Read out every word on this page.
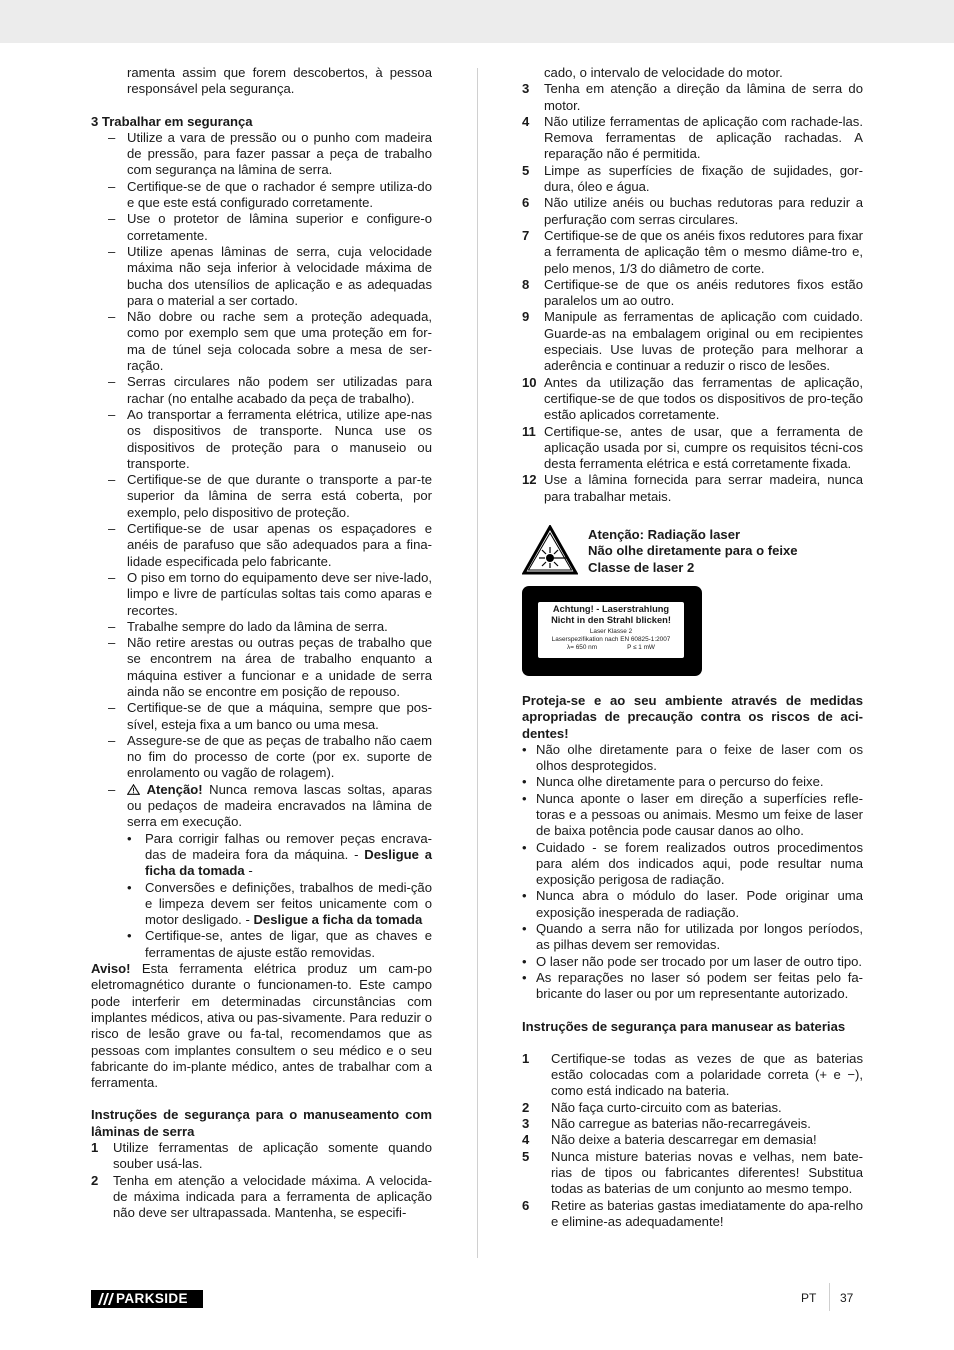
ramenta assim que forem descobertos, à pessoa responsável pela segurança.

3 Trabalhar em segurança

– Utilize a vara de pressão ou o punho com madeira de pressão, para fazer passar a peça de trabalho com segurança na lâmina de serra.
– Certifique-se de que o rachador é sempre utiliza-do e que este está configurado corretamente.
– Use o protetor de lâmina superior e configure-o corretamente.
– Utilize apenas lâminas de serra, cuja velocidade máxima não seja inferior à velocidade máxima de bucha dos utensílios de aplicação e as adequadas para o material a ser cortado.
– Não dobre ou rache sem a proteção adequada, como por exemplo sem que uma proteção em for-ma de túnel seja colocada sobre a mesa de ser-ração.
– Serras circulares não podem ser utilizadas para rachar (no entalhe acabado da peça de trabalho).
– Ao transportar a ferramenta elétrica, utilize ape-nas os dispositivos de transporte. Nunca use os dispositivos de proteção para o manuseio ou transporte.
– Certifique-se de que durante o transporte a par-te superior da lâmina de serra está coberta, por exemplo, pelo dispositivo de proteção.
– Certifique-se de usar apenas os espaçadores e anéis de parafuso que são adequados para a fina-lidade especificada pelo fabricante.
– O piso em torno do equipamento deve ser nive-lado, limpo e livre de partículas soltas tais como aparas e recortes.
– Trabalhe sempre do lado da lâmina de serra.
– Não retire arestas ou outras peças de trabalho que se encontrem na área de trabalho enquanto a máquina estiver a funcionar e a unidade de serra ainda não se encontre em posição de repouso.
– Certifique-se de que a máquina, sempre que pos-sível, esteja fixa a um banco ou uma mesa.
– Assegure-se de que as peças de trabalho não caem no fim do processo de corte (por ex. suporte de enrolamento ou vagão de rolagem).
– Atenção! Nunca remova lascas soltas, aparas ou pedaços de madeira encravados na lâmina de serra em execução.
• Para corrigir falhas ou remover peças encrava-das de madeira fora da máquina. - Desligue a ficha da tomada -
• Conversões e definições, trabalhos de medi-ção e limpeza devem ser feitos unicamente com o motor desligado. - Desligue a ficha da tomada
• Certifique-se, antes de ligar, que as chaves e ferramentas de ajuste estão removidas.

Aviso! Esta ferramenta elétrica produz um cam-po eletromagnético durante o funcionamen-to. Este campo pode interferir em determinadas circunstâncias com implantes médicos, ativa ou pas-sivamente. Para reduzir o risco de lesão grave ou fa-tal, recomendamos que as pessoas com implantes consultem o seu médico e o seu fabricante do im-plante médico, antes de trabalhar com a ferramenta.

Instruções de segurança para o manuseamento com lâminas de serra

1 Utilize ferramentas de aplicação somente quando souber usá-las.
2 Tenha em atenção a velocidade máxima. A velocida-de máxima indicada para a ferramenta de aplicação não deve ser ultrapassada. Mantenha, se especifi-

cado, o intervalo de velocidade do motor.

3 Tenha em atenção a direção da lâmina de serra do motor.
4 Não utilize ferramentas de aplicação com rachade-las. Remova ferramentas de aplicação rachadas. A reparação não é permitida.
5 Limpe as superfícies de fixação de sujidades, gor-dura, óleo e água.
6 Não utilize anéis ou buchas redutoras para reduzir a perfuração com serras circulares.
7 Certifique-se de que os anéis fixos redutores para fixar a ferramenta de aplicação têm o mesmo diâme-tro e, pelo menos, 1/3 do diâmetro de corte.
8 Certifique-se de que os anéis redutores fixos estão paralelos um ao outro.
9 Manipule as ferramentas de aplicação com cuidado. Guarde-as na embalagem original ou em recipientes especiais. Use luvas de proteção para melhorar a aderência e continuar a reduzir o risco de lesões.
10 Antes da utilização das ferramentas de aplicação, certifique-se de que todos os dispositivos de pro-teção estão aplicados corretamente.
11 Certifique-se, antes de usar, que a ferramenta de aplicação usada por si, cumpre os requisitos técni-cos desta ferramenta elétrica e está corretamente fixada.
12 Use a lâmina fornecida para serrar madeira, nunca para trabalhar metais.
Atenção: Radiação laser
Não olhe diretamente para o feixe
Classe de laser 2
Achtung! - Laserstrahlung
Nicht in den Strahl blicken!
Laser Klasse 2
Laserspezifikation nach EN 60825-1:2007
λ= 650 nm	P ≤ 1 mW

Proteja-se e ao seu ambiente através de medidas apropriadas de precaução contra os riscos de aci-dentes!

• Não olhe diretamente para o feixe de laser com os olhos desprotegidos.
• Nunca olhe diretamente para o percurso do feixe.
• Nunca aponte o laser em direção a superfícies refle-toras e a pessoas ou animais. Mesmo um feixe de laser de baixa potência pode causar danos ao olho.
• Cuidado - se forem realizados outros procedimentos para além dos indicados aqui, pode resultar numa exposição perigosa de radiação.
• Nunca abra o módulo do laser. Pode originar uma exposição inesperada de radiação.
• Quando a serra não for utilizada por longos períodos, as pilhas devem ser removidas.
• O laser não pode ser trocado por um laser de outro tipo.
• As reparações no laser só podem ser feitas pelo fa-bricante do laser ou por um representante autorizado.

Instruções de segurança para manusear as baterias

1 Certifique-se todas as vezes de que as baterias estão colocadas com a polaridade correta (+ e −), como está indicado na bateria.
2 Não faça curto-circuito com as baterias.
3 Não carregue as baterias não-recarregáveis.
4 Não deixe a bateria descarregar em demasia!
5 Nunca misture baterias novas e velhas, nem bate-rias de tipos ou fabricantes diferentes! Substitua todas as baterias de um conjunto ao mesmo tempo.
6 Retire as baterias gastas imediatamente do apa-relho e elimine-as adequadamente!
PARKSIDE	PT 37
